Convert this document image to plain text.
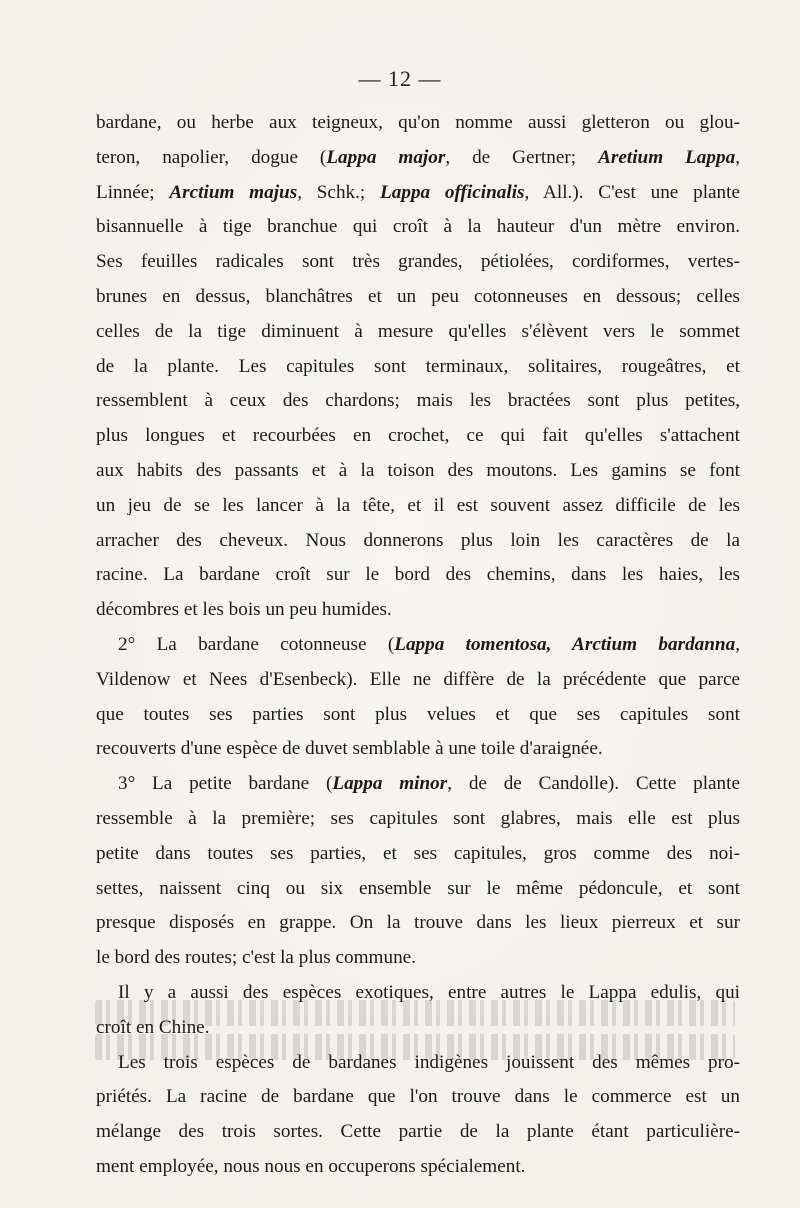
— 12 —
bardane, ou herbe aux teigneux, qu'on nomme aussi gletteron ou glou-
teron, napolier, dogue (Lappa major, de Gertner; Aretium Lappa,
Linnée; Arctium majus, Schk.; Lappa officinalis, All.). C'est une plante
bisannuelle à tige branchue qui croît à la hauteur d'un mètre environ.
Ses feuilles radicales sont très grandes, pétiolées, cordiformes, vertes-
brunes en dessus, blanchâtres et un peu cotonneuses en dessous; celles
celles de la tige diminuent à mesure qu'elles s'élèvent vers le sommet
de la plante. Les capitules sont terminaux, solitaires, rougeâtres, et
ressemblent à ceux des chardons; mais les bractées sont plus petites,
plus longues et recourbées en crochet, ce qui fait qu'elles s'attachent
aux habits des passants et à la toison des moutons. Les gamins se font
un jeu de se les lancer à la tête, et il est souvent assez difficile de les
arracher des cheveux. Nous donnerons plus loin les caractères de la
racine. La bardane croît sur le bord des chemins, dans les haies, les
décombres et les bois un peu humides.
2° La bardane cotonneuse (Lappa tomentosa, Arctium bardanna,
Vildenow et Nees d'Esenbeck). Elle ne diffère de la précédente que parce
que toutes ses parties sont plus velues et que ses capitules sont
recouverts d'une espèce de duvet semblable à une toile d'araignée.
3° La petite bardane (Lappa minor, de de Candolle). Cette plante
ressemble à la première; ses capitules sont glabres, mais elle est plus
petite dans toutes ses parties, et ses capitules, gros comme des noi-
settes, naissent cinq ou six ensemble sur le même pédoncule, et sont
presque disposés en grappe. On la trouve dans les lieux pierreux et sur
le bord des routes; c'est la plus commune.
Il y a aussi des espèces exotiques, entre autres le Lappa edulis, qui
croît en Chine.
Les trois espèces de bardanes indigènes jouissent des mêmes pro-
priétés. La racine de bardane que l'on trouve dans le commerce est un
mélange des trois sortes. Cette partie de la plante étant particulière-
ment employée, nous nous en occuperons spécialement.
